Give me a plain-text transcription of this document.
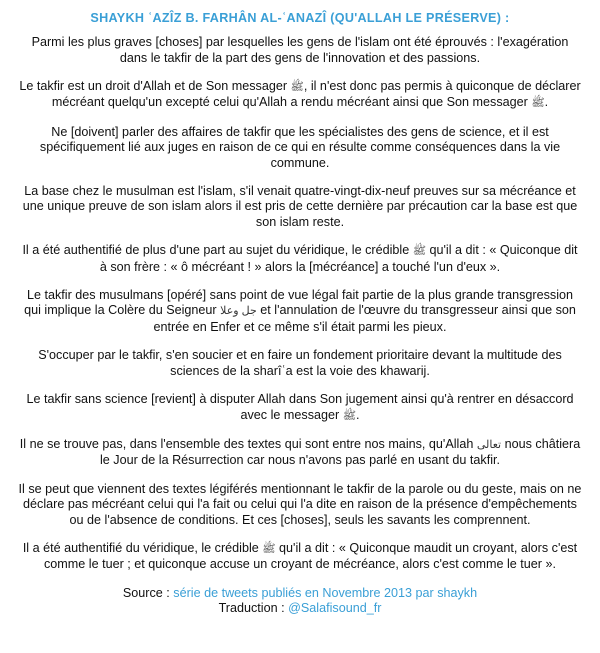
SHAYKH ʿAZÎZ B. FARHÂN AL-ʿANAZÎ (QU'ALLAH LE PRÉSERVE) :

Parmi les plus graves [choses] par lesquelles les gens de l'islam ont été éprouvés : l'exagération dans le takfir de la part des gens de l'innovation et des passions.

Le takfir est un droit d'Allah et de Son messager ﷺ, il n'est donc pas permis à quiconque de déclarer mécréant quelqu'un excepté celui qu'Allah a rendu mécréant ainsi que Son messager ﷺ.

Ne [doivent] parler des affaires de takfir que les spécialistes des gens de science, et il est spécifiquement lié aux juges en raison de ce qui en résulte comme conséquences dans la vie commune.

La base chez le musulman est l'islam, s'il venait quatre-vingt-dix-neuf preuves sur sa mécréance et une unique preuve de son islam alors il est pris de cette dernière par précaution car la base est que son islam reste.

Il a été authentifié de plus d'une part au sujet du véridique, le crédible ﷺ qu'il a dit : « Quiconque dit à son frère : « ô mécréant ! » alors la [mécréance] a touché l'un d'eux ».

Le takfir des musulmans [opéré] sans point de vue légal fait partie de la plus grande transgression qui implique la Colère du Seigneur جل وعلا et l'annulation de l'œuvre du transgresseur ainsi que son entrée en Enfer et ce même s'il était parmi les pieux.

S'occuper par le takfir, s'en soucier et en faire un fondement prioritaire devant la multitude des sciences de la sharîʿa est la voie des khawarij.

Le takfir sans science [revient] à disputer Allah dans Son jugement ainsi qu'à rentrer en désaccord avec le messager ﷺ.

Il ne se trouve pas, dans l'ensemble des textes qui sont entre nos mains, qu'Allah تعالى nous châtiera le Jour de la Résurrection car nous n'avons pas parlé en usant du takfir.

Il se peut que viennent des textes légiférés mentionnant le takfir de la parole ou du geste, mais on ne déclare pas mécréant celui qui l'a fait ou celui qui l'a dite en raison de la présence d'empêchements ou de l'absence de conditions. Et ces [choses], seuls les savants les comprennent.

Il a été authentifié du véridique, le crédible ﷺ qu'il a dit : « Quiconque maudit un croyant, alors c'est comme le tuer ; et quiconque accuse un croyant de mécréance, alors c'est comme le tuer ».

Source : série de tweets publiés en Novembre 2013 par shaykh
Traduction : @Salafisound_fr
